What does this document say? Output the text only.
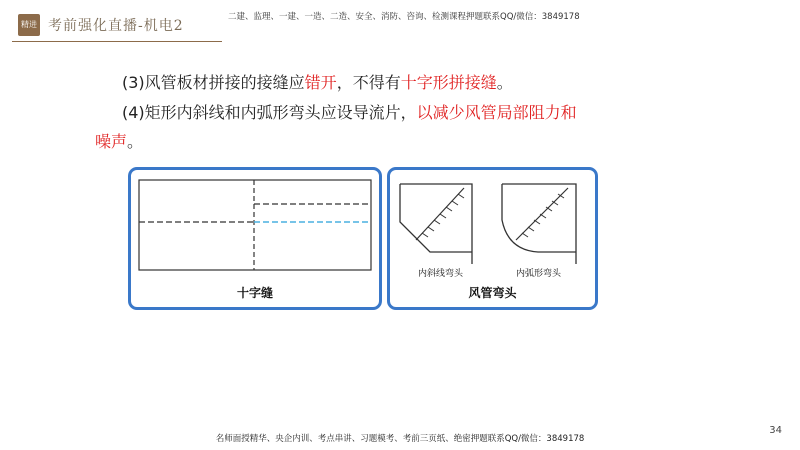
精进 考前强化直播-机电2
二建、监理、一建、一造、二造、安全、消防、咨询、检测课程押题联系QQ/微信：3849178
(3)风管板材拼接的接缝应错开，不得有十字形拼接缝。
(4)矩形内斜线和内弧形弯头应设导流片，以减少风管局部阻力和
噪声。
十字缝
内斜线弯头	内弧形弯头
风管弯头
34
名师面授精华、央企内训、考点串讲、习题模考、考前三页纸、绝密押题联系QQ/微信：3849178
